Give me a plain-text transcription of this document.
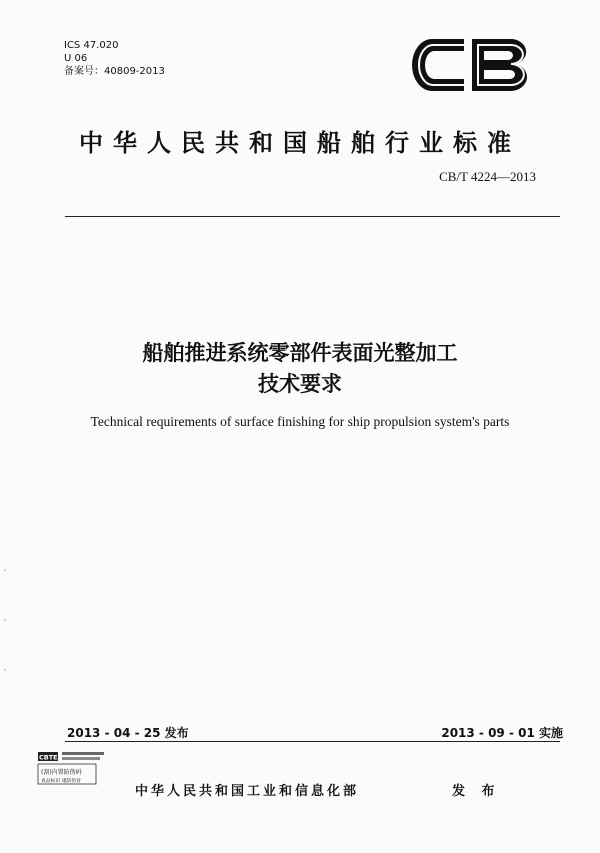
ICS 47.020
U 06
备案号：40809-2013
中华人民共和国船舶行业标准
CB/T 4224—2013
船舶推进系统零部件表面光整加工
技术要求
Technical requirements of surface finishing for ship propulsion system's parts
2013 - 04 - 25 发布	2013 - 09 - 01 实施
CBTEC
(刮)内置防伪码
真品标识 谨防伪冒
中华人民共和国工业和信息化部	发 布
